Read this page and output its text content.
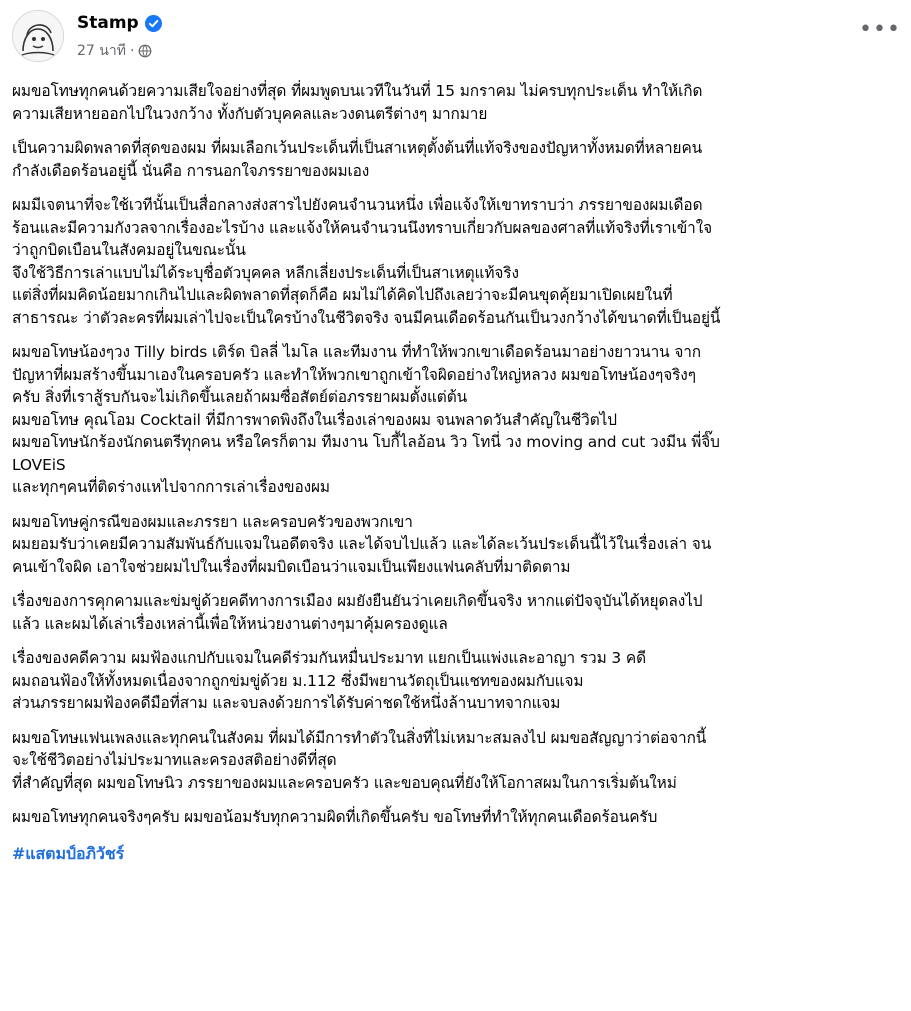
Stamp
27 นาที ·
•••
ผมขอโทษทุกคนด้วยความเสียใจอย่างที่สุด ที่ผมพูดบนเวทีในวันที่ 15 มกราคม ไม่ครบทุกประเด็น ทำให้เกิด
ความเสียหายออกไปในวงกว้าง ทั้งกับตัวบุคคลและวงดนตรีต่างๆ มากมาย
เป็นความผิดพลาดที่สุดของผม ที่ผมเลือกเว้นประเด็นที่เป็นสาเหตุตั้งต้นที่แท้จริงของปัญหาทั้งหมดที่หลายคน
กำลังเดือดร้อนอยู่นี้ นั่นคือ การนอกใจภรรยาของผมเอง
ผมมีเจตนาที่จะใช้เวทีนั้นเป็นสื่อกลางส่งสารไปยังคนจำนวนหนึ่ง เพื่อแจ้งให้เขาทราบว่า ภรรยาของผมเดือด
ร้อนและมีความกังวลจากเรื่องอะไรบ้าง และแจ้งให้คนจำนวนนึงทราบเกี่ยวกับผลของศาลที่แท้จริงที่เราเข้าใจ
ว่าถูกบิดเบือนในสังคมอยู่ในขณะนั้น
จึงใช้วิธีการเล่าแบบไม่ได้ระบุชื่อตัวบุคคล หลีกเลี่ยงประเด็นที่เป็นสาเหตุแท้จริง
แต่สิ่งที่ผมคิดน้อยมากเกินไปและผิดพลาดที่สุดก็คือ ผมไม่ได้คิดไปถึงเลยว่าจะมีคนขุดคุ้ยมาเปิดเผยในที่
สาธารณะ ว่าตัวละครที่ผมเล่าไปจะเป็นใครบ้างในชีวิตจริง จนมีคนเดือดร้อนกันเป็นวงกว้างได้ขนาดที่เป็นอยู่นี้
ผมขอโทษน้องๆวง Tilly birds เติร์ด บิลลี่ ไมโล และทีมงาน ที่ทำให้พวกเขาเดือดร้อนมาอย่างยาวนาน จาก
ปัญหาที่ผมสร้างขึ้นมาเองในครอบครัว และทำให้พวกเขาถูกเข้าใจผิดอย่างใหญ่หลวง ผมขอโทษน้องๆจริงๆ
ครับ สิ่งที่เราสู้รบกันจะไม่เกิดขึ้นเลยถ้าผมซื่อสัตย์ต่อภรรยาผมตั้งแต่ต้น
ผมขอโทษ คุณโอม Cocktail ที่มีการพาดพิงถึงในเรื่องเล่าของผม จนพลาดวันสำคัญในชีวิตไป
ผมขอโทษนักร้องนักดนตรีทุกคน หรือใครก็ตาม ทีมงาน โบกี้ไลอ้อน วิว โทนี่ วง moving and cut วงมีน พี่จิ๊บ
LOVEiS
และทุกๆคนที่ติดร่างแหไปจากการเล่าเรื่องของผม
ผมขอโทษคู่กรณีของผมและภรรยา และครอบครัวของพวกเขา
ผมยอมรับว่าเคยมีความสัมพันธ์กับแจมในอดีตจริง และได้จบไปแล้ว และได้ละเว้นประเด็นนี้ไว้ในเรื่องเล่า จน
คนเข้าใจผิด เอาใจช่วยผมไปในเรื่องที่ผมบิดเบือนว่าแจมเป็นเพียงแฟนคลับที่มาติดตาม
เรื่องของการคุกคามและข่มขู่ด้วยคดีทางการเมือง ผมยังยืนยันว่าเคยเกิดขึ้นจริง หากแต่ปัจจุบันได้หยุดลงไป
แล้ว และผมได้เล่าเรื่องเหล่านี้เพื่อให้หน่วยงานต่างๆมาคุ้มครองดูแล
เรื่องของคดีความ ผมฟ้องแกปกับแจมในคดีร่วมกันหมื่นประมาท แยกเป็นแพ่งและอาญา รวม 3 คดี
ผมถอนฟ้องให้ทั้งหมดเนื่องจากถูกข่มขู่ด้วย ม.112 ซึ่งมีพยานวัตถุเป็นแชทของผมกับแจม
ส่วนภรรยาผมฟ้องคดีมือที่สาม และจบลงด้วยการได้รับค่าชดใช้หนึ่งล้านบาทจากแจม
ผมขอโทษแฟนเพลงและทุกคนในสังคม ที่ผมได้มีการทำตัวในสิ่งที่ไม่เหมาะสมลงไป ผมขอสัญญาว่าต่อจากนี้
จะใช้ชีวิตอย่างไม่ประมาทและครองสติอย่างดีที่สุด
ที่สำคัญที่สุด ผมขอโทษนิว ภรรยาของผมและครอบครัว และขอบคุณที่ยังให้โอกาสผมในการเริ่มต้นใหม่
ผมขอโทษทุกคนจริงๆครับ ผมขอน้อมรับทุกความผิดที่เกิดขึ้นครับ ขอโทษที่ทำให้ทุกคนเดือดร้อนครับ
#แสตมป์อภิวัชร์
